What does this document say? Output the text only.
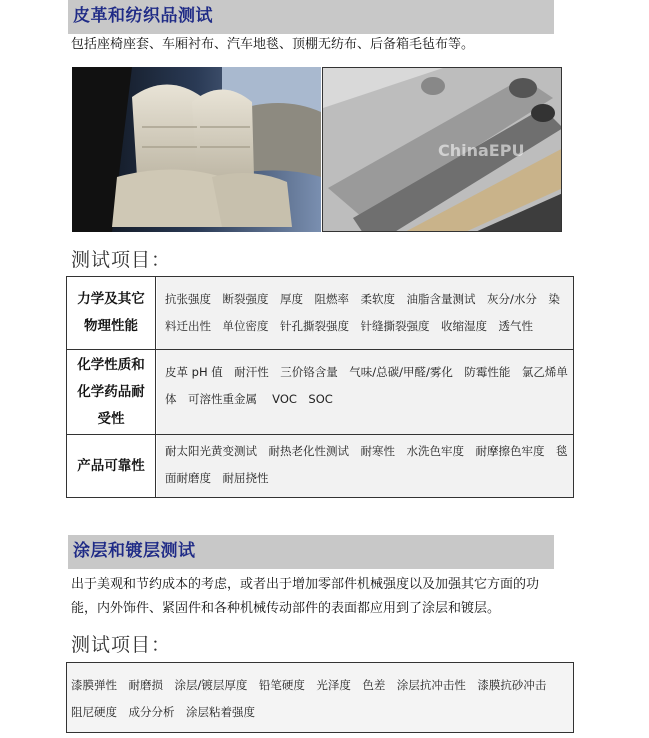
皮革和纺织品测试
包括座椅座套、车厢衬布、汽车地毯、顶棚无纺布、后备箱毛毡布等。
ChinaEPU
测试项目：
力学及其它物理性能
抗张强度　断裂强度　厚度　阻燃率　柔软度　油脂含量测试　灰分/水分　染料迁出性　单位密度　针孔撕裂强度　针缝撕裂强度　收缩湿度　透气性
化学性质和化学药品耐受性
皮革 pH 值　耐汗性　三价铬含量　气味/总碳/甲醛/雾化　防霉性能　氯乙烯单体　可溶性重金属　 VOC　SOC
产品可靠性
耐太阳光黄变测试　耐热老化性测试　耐寒性　水洗色牢度　耐摩擦色牢度　毯面耐磨度　耐屈挠性
涂层和镀层测试
出于美观和节约成本的考虑，或者出于增加零部件机械强度以及加强其它方面的功能，内外饰件、紧固件和各种机械传动部件的表面都应用到了涂层和镀层。
测试项目：
漆膜弹性　耐磨损　涂层/镀层厚度　铅笔硬度　光泽度　色差　涂层抗冲击性　漆膜抗砂冲击　 阻尼硬度　成分分析　涂层粘着强度
